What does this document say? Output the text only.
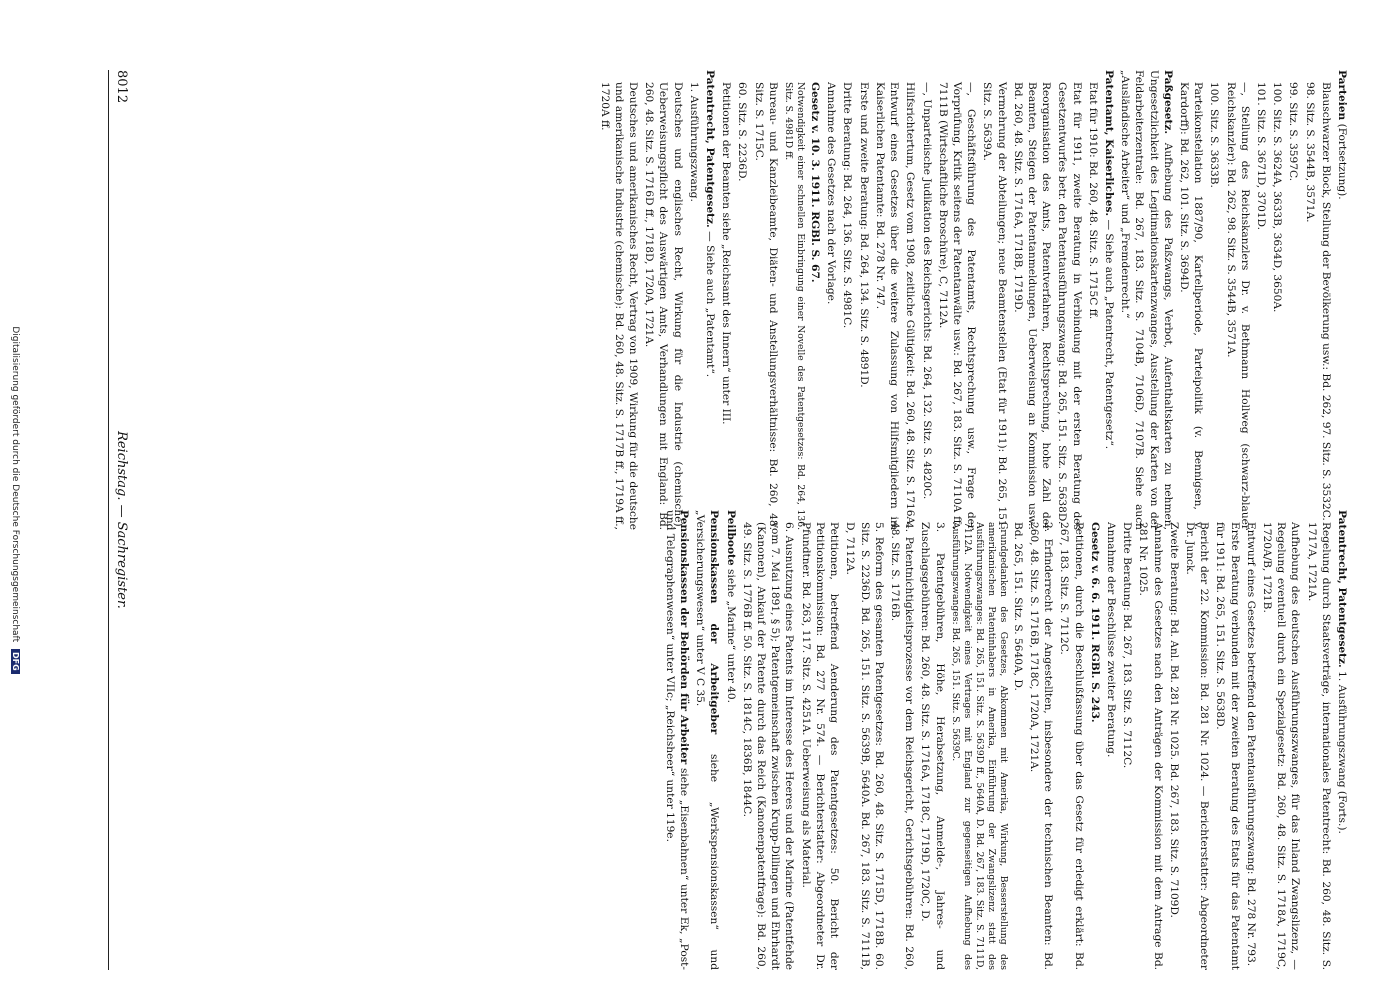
8012
Reichstag. — Sachregister.

Parteien (Fortsetzung).

Blauschwarzer Block, Stellung der Bevölkerung usw.: Bd. 262, 97. Sitz. S. 3532C.

98. Sitz. S. 3544B, 3571A.

99. Sitz. S. 3597C.

100. Sitz. S. 3624A, 3633B, 3634D, 3650A.

101. Sitz. S. 3671D, 3701D.

—, Stellung des Reichskanzlers Dr. v. Bethmann Hollweg (schwarz-blauer Reichskanzler): Bd. 262, 98. Sitz. S. 3544B, 3571A.

100. Sitz. S. 3633B.

Parteikonstellation 1887/90, Kartellperiode, Parteipolitik (v. Bennigsen, v. Kardorff): Bd. 262, 101. Sitz. S. 3694D.

Paßgesetz. Aufhebung des Paßzwangs, Verbot, Aufenthaltskarten zu nehmen, Ungesetzlichkeit des Legitimationskartenzwanges, Ausstellung der Karten von der Feldarbeiterzentrale: Bd. 267, 183. Sitz. S. 7104B, 7106D, 7107B. Siehe auch „Ausländische Arbeiter“ und „Fremdenrecht.“

Patentamt, Kaiserliches. — Siehe auch „Patentrecht, Patentgesetz“.

Etat für 1910: Bd. 260, 48. Sitz. S. 1715C ff.

Etat für 1911, zweite Beratung in Verbindung mit der ersten Beratung des Gesetzentwurfes betr. den Patentausführungszwang: Bd. 265, 151. Sitz. S. 5638D.

Reorganisation des Amts, Patentverfahren, Rechtsprechung, hohe Zahl der Beamten, Steigen der Patentanmeldungen, Ueberweisung an Kommission usw.: Bd. 260, 48. Sitz. S. 1716A, 1718B, 1719D.

Vermehrung der Abteilungen; neue Beamtenstellen (Etat für 1911): Bd. 265, 151. Sitz. S. 5639A.

—, Geschäftsführung des Patentamts, Rechtsprechung usw., Frage der Vorprüfung, Kritik seitens der Patentanwälte usw.: Bd. 267, 183. Sitz. S. 7110A ff., 7111B (Wirtschaftliche Broschüre), C, 7112A.

—, Unparteiische Judikation des Reichsgerichts: Bd. 264, 132. Sitz. S. 4820C.

Hilfsrichtertum, Gesetz vom 1908, zeitliche Gültigkeit: Bd. 260, 48. Sitz. S. 1716A.

Entwurf eines Gesetzes über die weitere Zulassung von Hilfsmitgliedern im Kaiserlichen Patentamte: Bd. 278 Nr. 747.

Erste und zweite Beratung: Bd. 264, 134. Sitz. S. 4891D.

Dritte Beratung: Bd. 264, 136. Sitz. S. 4981C.

Annahme des Gesetzes nach der Vorlage.

Gesetz v. 10. 3. 1911. RGBl. S. 67.

Notwendigkeit einer schnellen Einbringung einer Novelle des Patentgesetzes: Bd. 264, 136. Sitz. S. 4981D ff.

Bureau- und Kanzleibeamte, Diäten- und Anstellungsverhältnisse: Bd. 260, 48. Sitz. S. 1715C.

60. Sitz. S. 2236D.

Petitionen der Beamten siehe „Reichsamt des Innern“ unter III.

Patentrecht, Patentgesetz. — Siehe auch „Patentamt“.

1. Ausführungszwang.

Deutsches und englisches Recht, Wirkung für die Industrie (chemische), Ueberweisungspflicht des Auswärtigen Amts, Verhandlungen mit England: Bd. 260, 48. Sitz. S. 1716D ff., 1718D, 1720A, 1721A.

Deutsches und amerikanisches Recht, Vertrag von 1909, Wirkung für die deutsche und amerikanische Industrie (chemische): Bd. 260, 48. Sitz. S. 1717B ff., 1719A ff., 1720A ff.

Patentrecht, Patentgesetz. 1. Ausführungszwang (Forts.).

Regelung durch Staatsverträge, internationales Patentrecht: Bd. 260, 48. Sitz. S. 1717A, 1721A.

Aufhebung des deutschen Ausführungszwanges, für das Inland Zwangslizenz, — Regelung eventuell durch ein Spezialgesetz: Bd. 260, 48. Sitz. S. 1718A, 1719C, 1720A/B, 1721B.

Entwurf eines Gesetzes betreffend den Patentausführungszwang: Bd. 278 Nr. 793.

Erste Beratung verbunden mit der zweiten Beratung des Etats für das Patentamt für 1911: Bd. 265, 151. Sitz. S. 5638D.

Bericht der 22. Kommission: Bd. 281 Nr. 1024. — Berichterstatter: Abgeordneter Dr. Junck.

Zweite Beratung: Bd. Anl. Bd. 281 Nr. 1025. Bd. 267, 183. Sitz. S. 7109D.

Annahme des Gesetzes nach den Anträgen der Kommission mit dem Antrage Bd. 281 Nr. 1025.

Dritte Beratung: Bd. 267, 183. Sitz. S. 7112C.

Annahme der Beschlüsse zweiter Beratung.

Gesetz v. 6. 6. 1911. RGBl. S. 243.

Petitionen, durch die Beschlußfassung über das Gesetz für erledigt erklärt: Bd. 267, 183. Sitz. S. 7112C.

2. Erfinderrecht der Angestellten, insbesondere der technischen Beamten: Bd. 260, 48. Sitz. S. 1716B, 1718C, 1720A, 1721A.

Bd. 265, 151. Sitz. S. 5640A, D.

Grundgedanken des Gesetzes, Abkommen mit Amerika, Wirkung, Besserstellung des amerikanischen Patentinhabers in Amerika, Einführung der Zwangslizenz statt des Ausführungszwanges: Bd. 265, 151. Sitz. S. 5639D ff., 5640A, D. Bd. 267, 183. Sitz. S. 7111D, 7112A. Notwendigkeit eines Vertrages mit England zur gegenseitigen Aufhebung des Ausführungszwanges: Bd. 265, 151. Sitz. S. 5639C.

3. Patentgebühren, Höhe, Herabsetzung, Anmelde-, Jahres- und Zuschlagsgebühren: Bd. 260, 48. Sitz. S. 1716A, 1718C, 1719D, 1720C, D.

4. Patentnichtigkeitsprozesse vor dem Reichsgericht, Gerichtsgebühren: Bd. 260, 48. Sitz. S. 1716B.

5. Reform des gesamten Patentgesetzes: Bd. 260, 48. Sitz. S. 1715D, 1718B. 60. Sitz. S. 2236D. Bd. 265, 151. Sitz. S. 5639B, 5640A. Bd. 267, 183. Sitz. S. 7111B, D, 7112A.

Petitionen, betreffend Aenderung des Patentgesetzes: 50. Bericht der Petitionskommission: Bd. 277 Nr. 574. — Berichterstatter: Abgeordneter Dr. Pfundtner. Bd. 263, 117. Sitz. S. 4251A. Ueberweisung als Material.

6. Ausnutzung eines Patents im Interesse des Heeres und der Marine (Patentfehde vom 7. Mai 1891, § 5); Patentgemeinschaft zwischen Krupp-Dillingen und Ehrhardt (Kanonen), Ankauf der Patente durch das Reich (Kanonenpatentfrage): Bd. 260, 49. Sitz. S. 1776B ff. 50. Sitz. S. 1814C, 1836B, 1844C.

Peilboote siehe „Marine“ unter 40.

Pensionskassen der Arbeitgeber siehe „Werkspensionskassen“ und „Versicherungswesen“ unter V C 35.

Pensionskassen der Behörden für Arbeiter siehe „Eisenbahnen“ unter Ek, „Post- und Telegraphenwesen“ unter VIIc; „Reichsheer“ unter 119e.

Digitalisierung gefördert durch die Deutsche Forschungsgemeinschaft DFG
